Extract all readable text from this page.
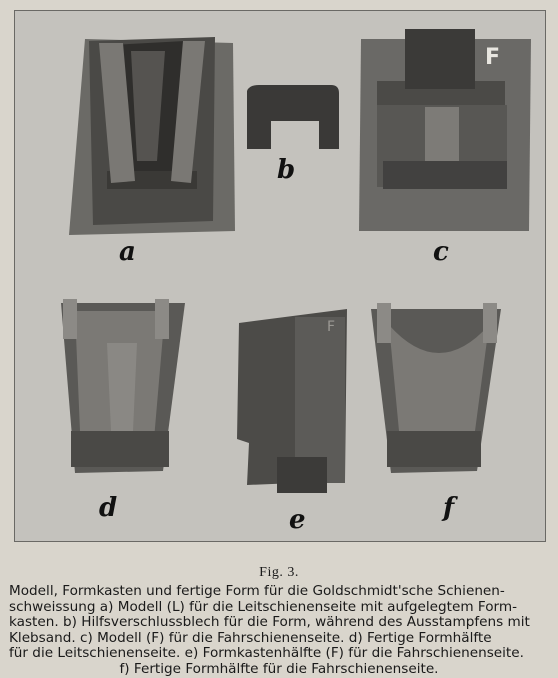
a
b
c
d	e	f
F
F
Fig. 3.
Modell, Formkasten und fertige Form für die Goldschmidt'sche Schienen-
schweissung a) Modell (L) für die Leitschienenseite mit aufgelegtem Form-
kasten. b) Hilfsverschlussblech für die Form, während des Ausstampfens mit
Klebsand. c) Modell (F) für die Fahrschienenseite. d) Fertige Formhälfte
für die Leitschienenseite. e) Formkastenhälfte (F) für die Fahrschienenseite.
f) Fertige Formhälfte für die Fahrschienenseite.
